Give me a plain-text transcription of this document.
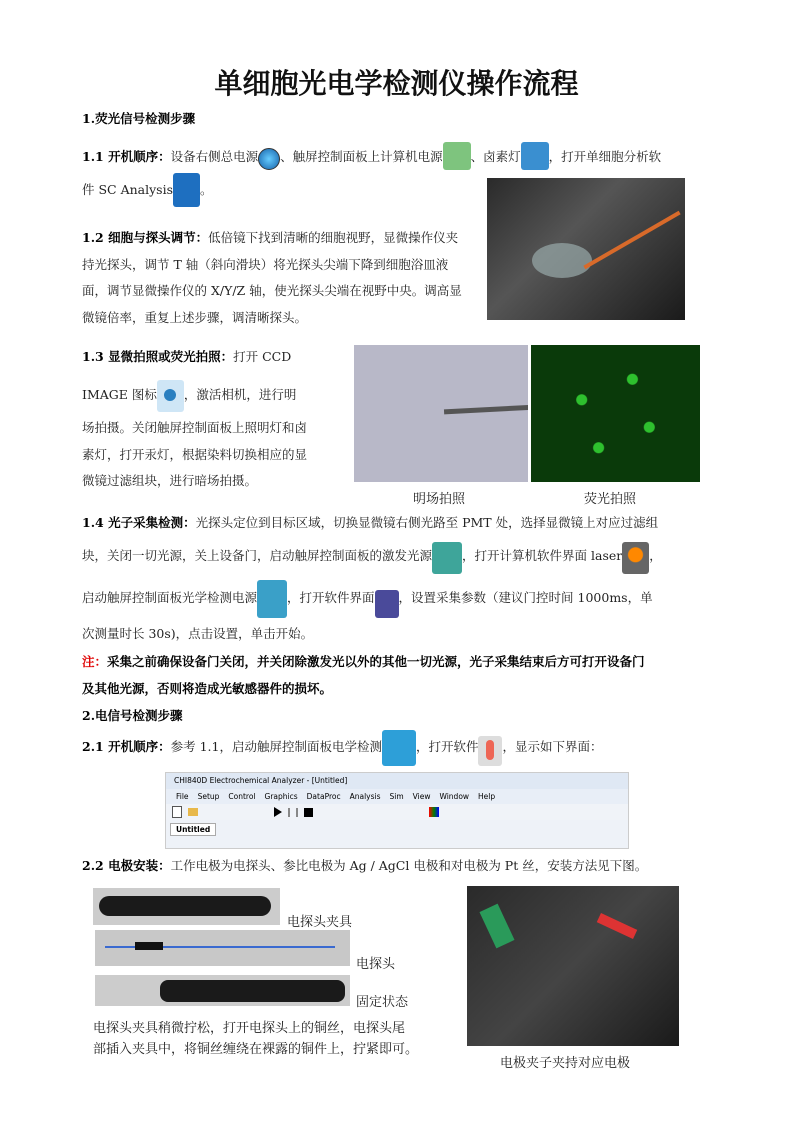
单细胞光电学检测仪操作流程
1.荧光信号检测步骤
1.1 开机顺序：设备右侧总电源 、触屏控制面板上计算机电源 、卤素灯 ，打开单细胞分析软
件 SC Analysis 。
1.2 细胞与探头调节：低倍镜下找到清晰的细胞视野，显微操作仪夹持光探头，调节 T 轴（斜向滑块）将光探头尖端下降到细胞浴皿液面，调节显微操作仪的 X/Y/Z 轴，使光探头尖端在视野中央。调高显微镜倍率，重复上述步骤，调清晰探头。
1.3 显微拍照或荧光拍照：打开 CCD
IMAGE 图标 ，激活相机，进行明
场拍摄。关闭触屏控制面板上照明灯和卤素灯，打开汞灯，根据染料切换相应的显微镜过滤组块，进行暗场拍摄。
明场拍照	荧光拍照
1.4 光子采集检测：光探头定位到目标区域，切换显微镜右侧光路至 PMT 处，选择显微镜上对应过滤组
块，关闭一切光源，关上设备门，启动触屏控制面板的激发光源 ，打开计算机软件界面 laser ，
启动触屏控制面板光学检测电源 ，打开软件界面 ，设置采集参数（建议门控时间 1000ms，单
次测量时长 30s)，点击设置，单击开始。
注：采集之前确保设备门关闭，并关闭除激发光以外的其他一切光源，光子采集结束后方可打开设备门
及其他光源，否则将造成光敏感器件的损坏。
2.电信号检测步骤
2.1 开机顺序：参考 1.1，启动触屏控制面板电学检测	，打开软件 ，显示如下界面：
CHI840D Electrochemical Analyzer - [Untitled]
File Setup Control Graphics DataProc Analysis Sim View Window Help
Untitled
2.2 电极安装：工作电极为电探头、参比电极为 Ag / AgCl 电极和对电极为 Pt 丝，安装方法见下图。
电探头夹具
电探头
固定状态
电探头夹具稍微拧松，打开电探头上的铜丝，电探头尾
部插入夹具中，将铜丝缠绕在裸露的铜件上，拧紧即可。
电极夹子夹持对应电极
